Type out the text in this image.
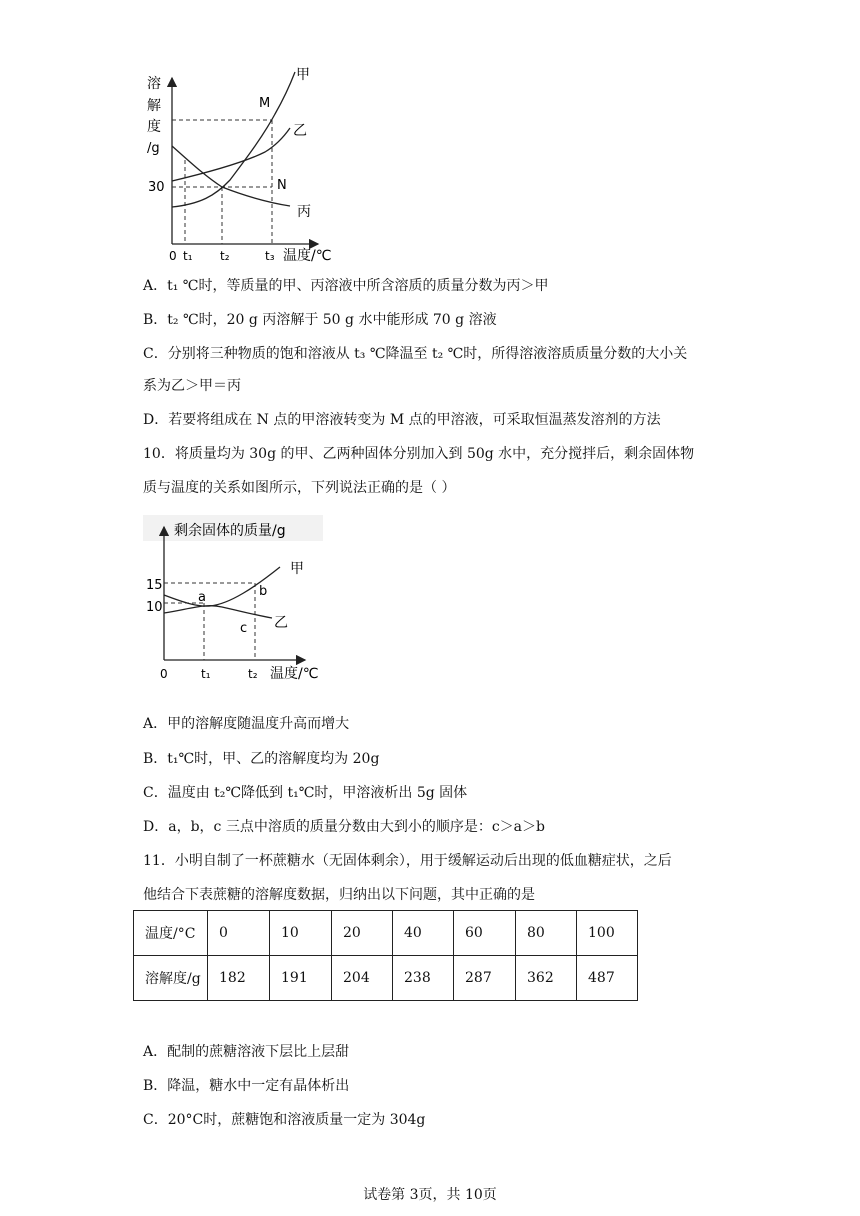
溶
解
度
/g
30
0 t₁ t₂	t₃ 温度/℃
M
N
甲
乙
丙
A．t₁ ℃时，等质量的甲、丙溶液中所含溶质的质量分数为丙＞甲
B．t₂ ℃时，20 g 丙溶解于 50 g 水中能形成 70 g 溶液
C．分别将三种物质的饱和溶液从 t₃ ℃降温至 t₂ ℃时，所得溶液溶质质量分数的大小关
系为乙＞甲＝丙
D．若要将组成在 N 点的甲溶液转变为 M 点的甲溶液，可采取恒温蒸发溶剂的方法
10．将质量均为 30g 的甲、乙两种固体分别加入到 50g 水中，充分搅拌后，剩余固体物
质与温度的关系如图所示，下列说法正确的是（ ）
剩余固体的质量/g
15
10
0	t₁	t₂ 温度/℃
a	b
c
甲
乙
A．甲的溶解度随温度升高而增大
B．t₁℃时，甲、乙的溶解度均为 20g
C．温度由 t₂℃降低到 t₁℃时，甲溶液析出 5g 固体
D．a，b，c 三点中溶质的质量分数由大到小的顺序是：c＞a＞b
11．小明自制了一杯蔗糖水（无固体剩余），用于缓解运动后出现的低血糖症状，之后
他结合下表蔗糖的溶解度数据，归纳出以下问题，其中正确的是
温度/°C	0	10	20	40	60	80	100
溶解度/g	182	191	204	238	287	362	487
A．配制的蔗糖溶液下层比上层甜
B．降温，糖水中一定有晶体析出
C．20°C时，蔗糖饱和溶液质量一定为 304g
试卷第 3页，共 10页
